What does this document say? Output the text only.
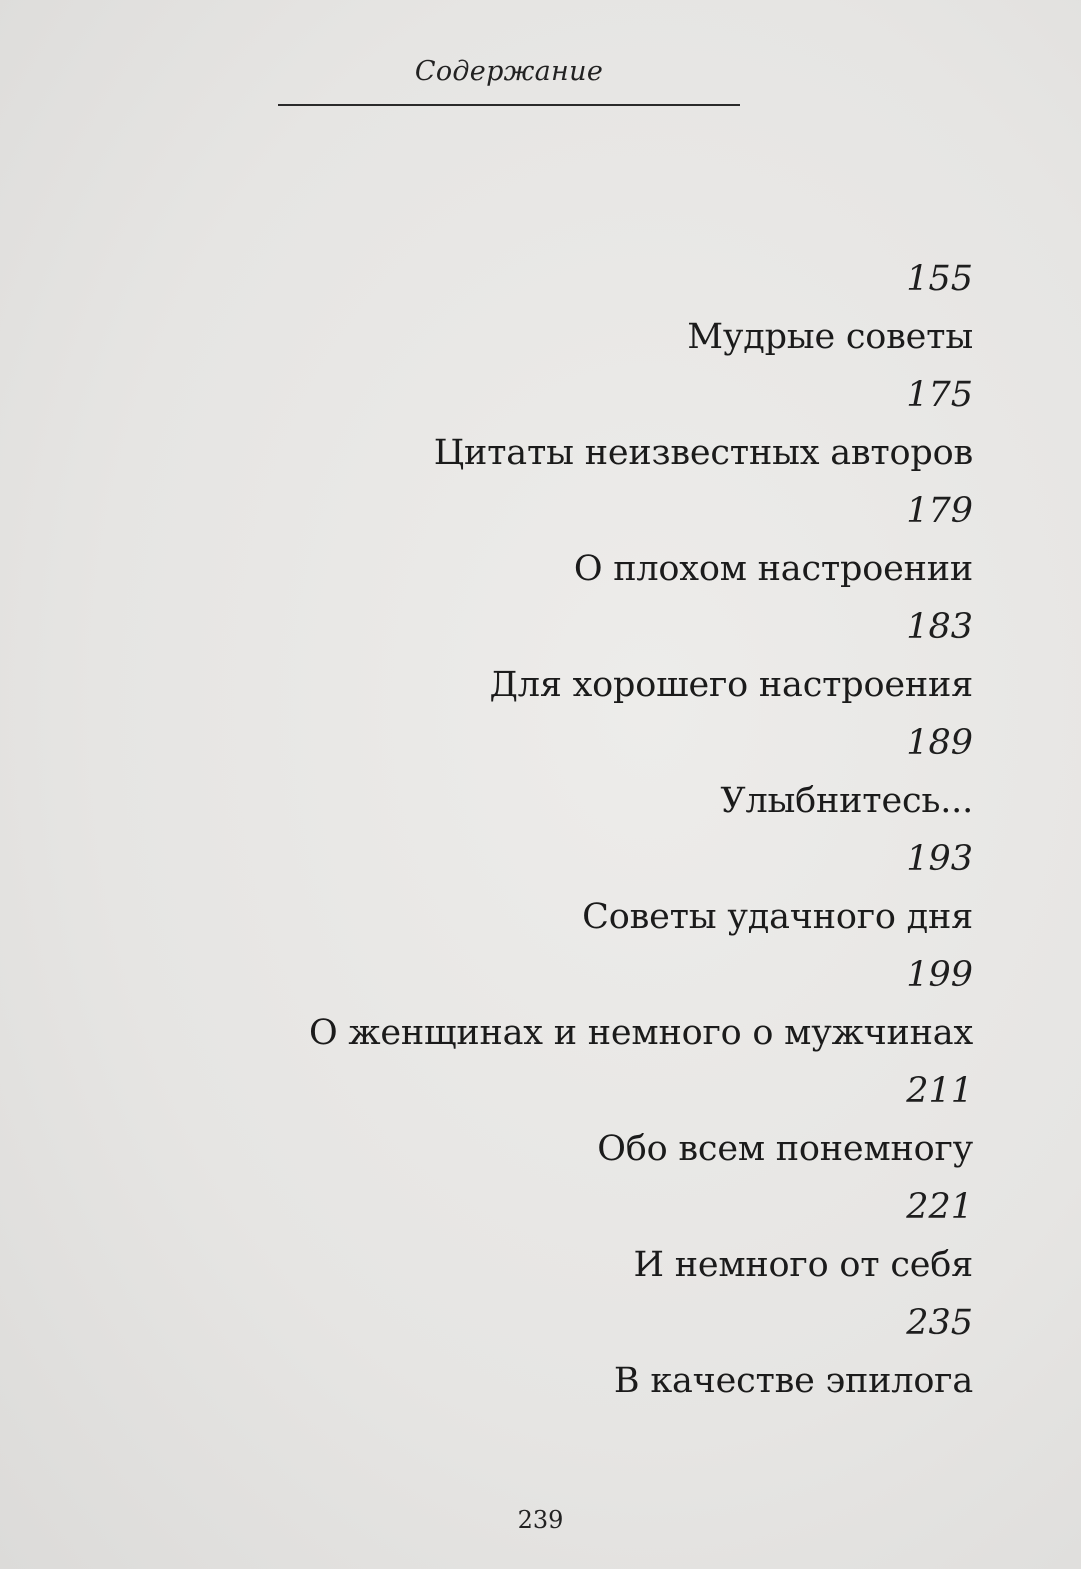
Содержание
155
Мудрые советы
175
Цитаты неизвестных авторов
179
О плохом настроении
183
Для хорошего настроения
189
Улыбнитесь...
193
Советы удачного дня
199
О женщинах и немного о мужчинах
211
Обо всем понемногу
221
И немного от себя
235
В качестве эпилога
239
